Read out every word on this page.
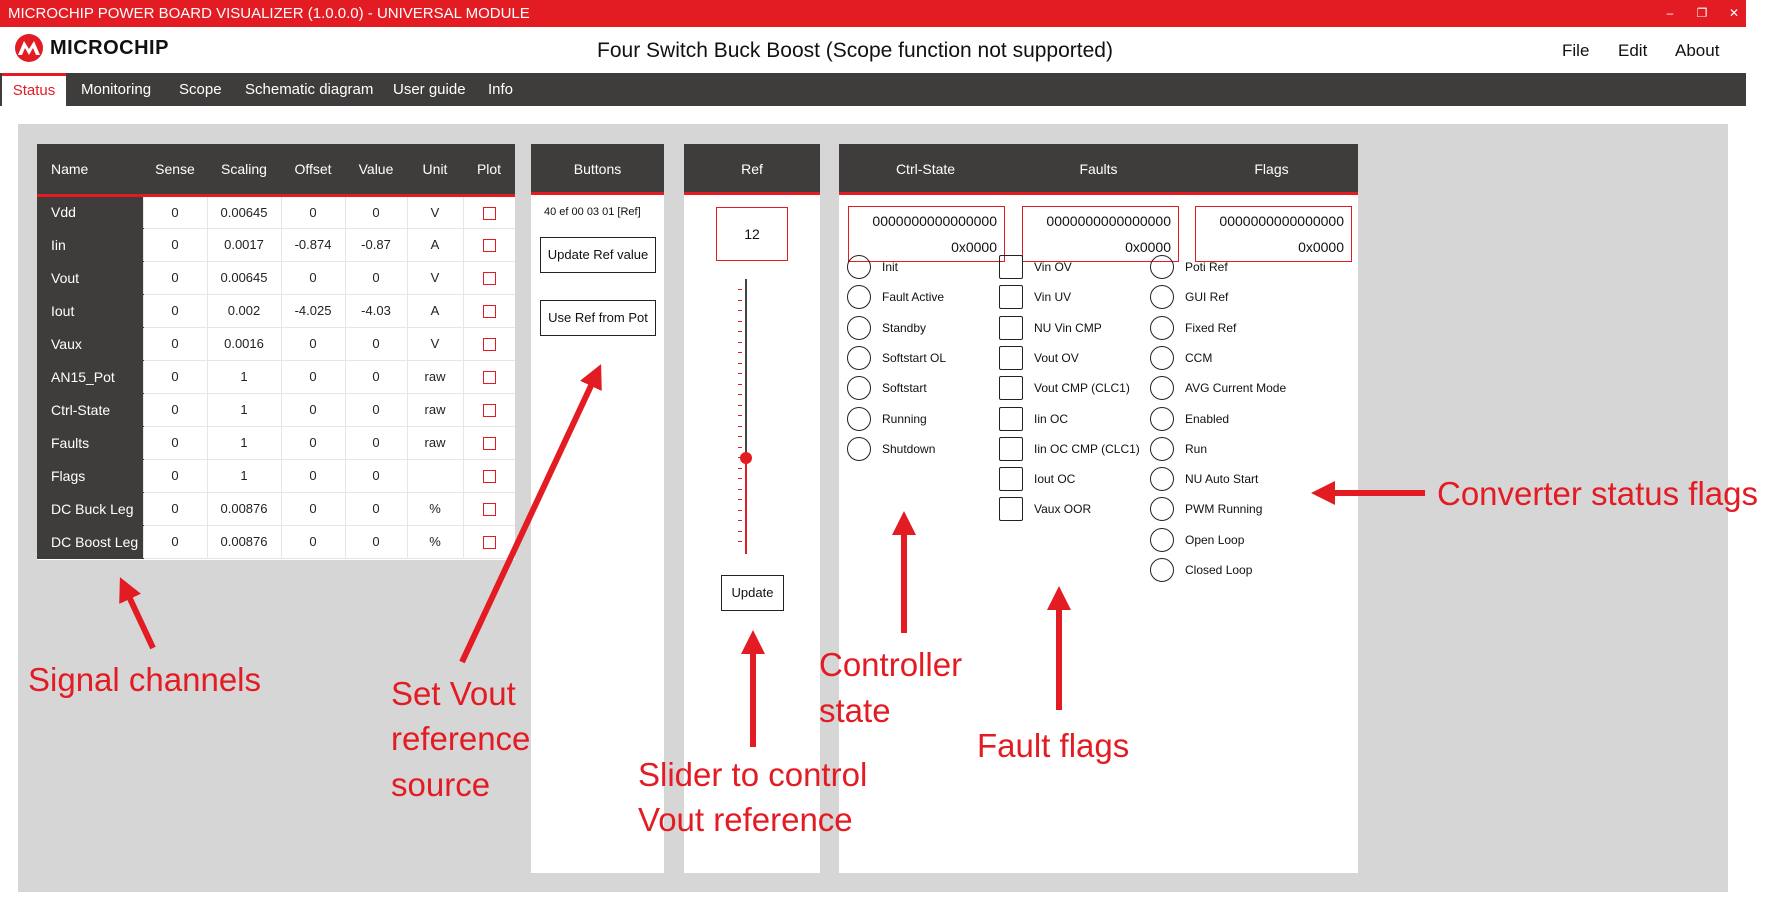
MICROCHIP POWER BOARD VISUALIZER (1.0.0.0) - UNIVERSAL MODULE	– ❐ ✕
MICROCHIP	Four Switch Buck Boost (Scope function not supported)	File Edit About
Status	Monitoring Scope Schematic diagram User guide Info
Name	Sense	Scaling	Offset	Value	Unit	Plot
Vdd	0	0.00645	0	0	V	
Iin	0	0.0017	-0.874	-0.87	A	
Vout	0	0.00645	0	0	V	
Iout	0	0.002	-4.025	-4.03	A	
Vaux	0	0.0016	0	0	V	
AN15_Pot	0	1	0	0	raw	
Ctrl-State	0	1	0	0	raw	
Faults	0	1	0	0	raw	
Flags	0	1	0	0		
DC Buck Leg	0	0.00876	0	0	%	
DC Boost Leg	0	0.00876	0	0	%	
Buttons
40 ef 00 03 01 [Ref]
Update Ref value
Use Ref from Pot
Ref
12
Update
Ctrl-State	Faults	Flags
0000000000000000
0x0000
0000000000000000
0x0000
0000000000000000
0x0000
Init
Fault Active
Standby
Softstart OL
Softstart
Running
Shutdown
Vin OV
Vin UV
NU Vin CMP
Vout OV
Vout CMP (CLC1)
Iin OC
Iin OC CMP (CLC1)
Iout OC
Vaux OOR
Poti Ref
GUI Ref
Fixed Ref
CCM
AVG Current Mode
Enabled
Run
NU Auto Start
PWM Running
Open Loop
Closed Loop
Signal channels	Set Vout
reference
source	Slider to control
Vout reference
Controller
state
Fault flags
Converter status flags
